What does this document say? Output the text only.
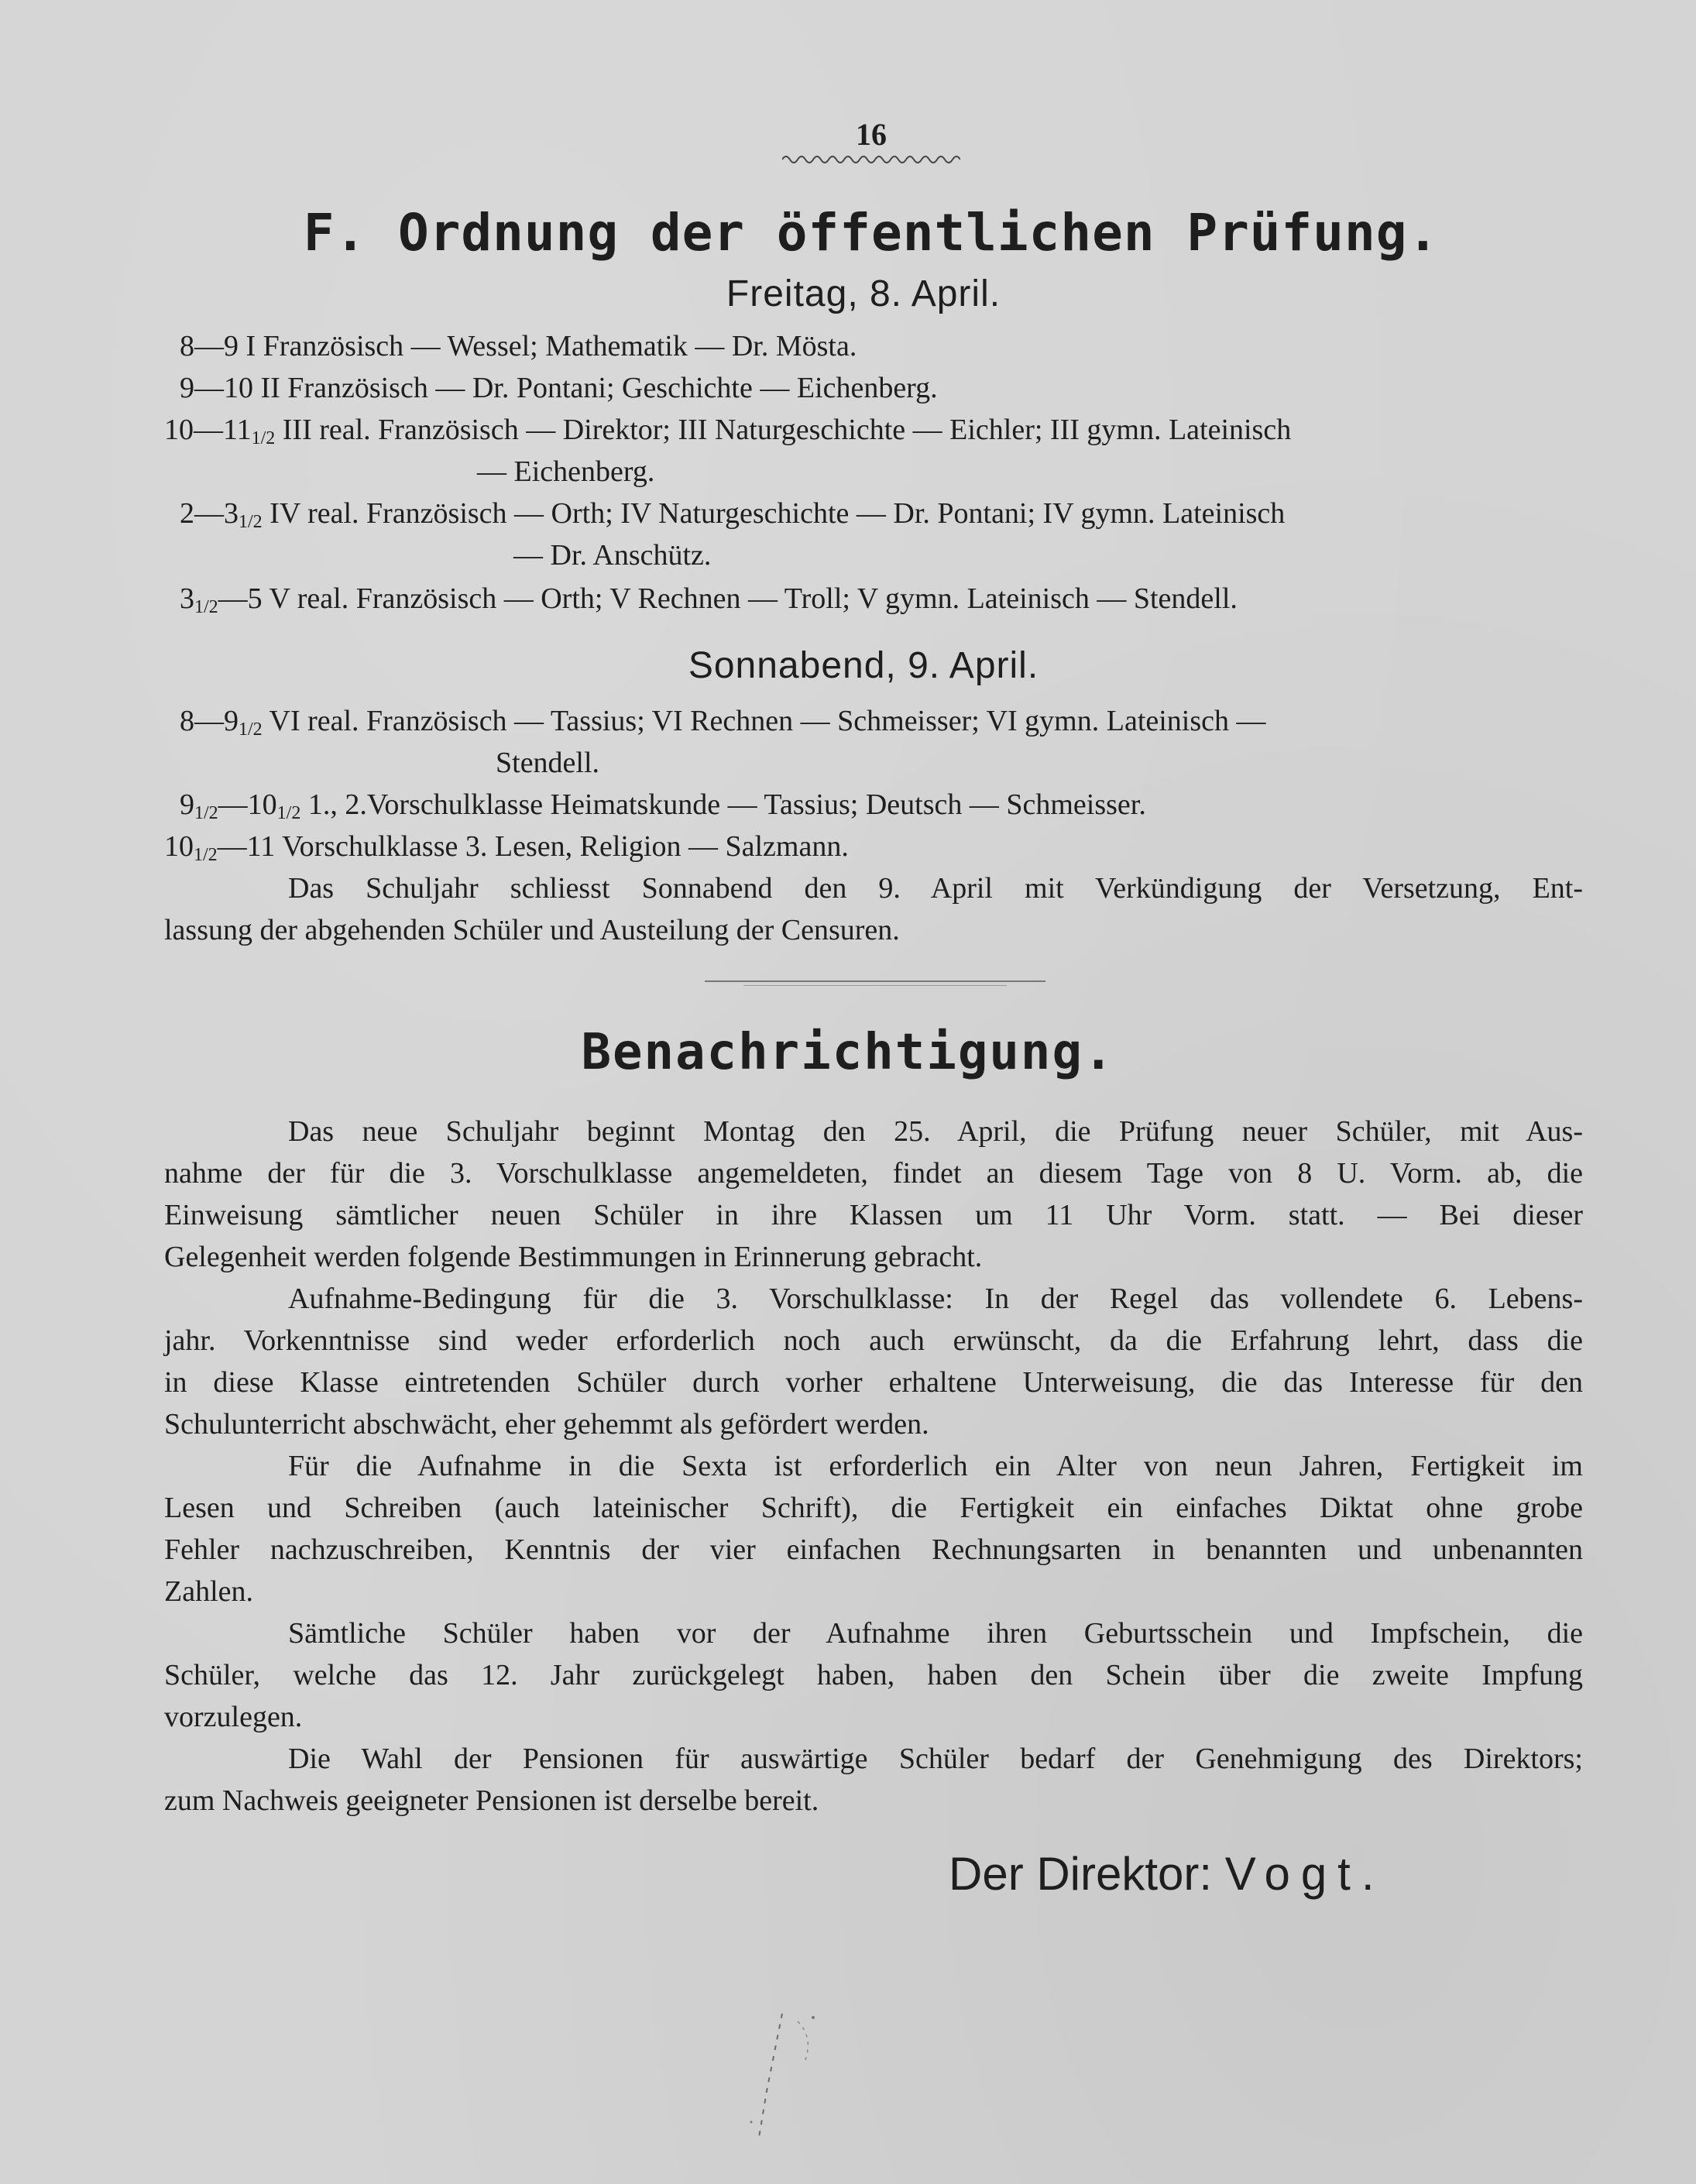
16
F. Ordnung der öffentlichen Prüfung.
Freitag, 8. April.
8—9 I Französisch — Wessel; Mathematik — Dr. Mösta.
9—10 II Französisch — Dr. Pontani; Geschichte — Eichenberg.
$10—11_{1/2}$ III real. Französisch — Direktor; III Naturgeschichte — Eichler; III gymn. Lateinisch
— Eichenberg.
$2—3_{1/2}$ IV real. Französisch — Orth; IV Naturgeschichte — Dr. Pontani; IV gymn. Lateinisch
— Dr. Anschütz.
$3_{1/2}—5$ V real. Französisch — Orth; V Rechnen — Troll; V gymn. Lateinisch — Stendell.
Sonnabend, 9. April.
$8—9_{1/2}$ VI real. Französisch — Tassius; VI Rechnen — Schmeisser; VI gymn. Lateinisch —
Stendell.
$9_{1/2}—10_{1/2}$ 1., 2.Vorschulklasse Heimatskunde — Tassius; Deutsch — Schmeisser.
$10_{1/2}—11$ Vorschulklasse 3. Lesen, Religion — Salzmann.
Das Schuljahr schliesst Sonnabend den 9. April mit Verkündigung der Versetzung, Ent-
lassung der abgehenden Schüler und Austeilung der Censuren.
Benachrichtigung.
Das neue Schuljahr beginnt Montag den 25. April, die Prüfung neuer Schüler, mit Aus-
nahme der für die 3. Vorschulklasse angemeldeten, findet an diesem Tage von 8 U. Vorm. ab, die
Einweisung sämtlicher neuen Schüler in ihre Klassen um 11 Uhr Vorm. statt. — Bei dieser
Gelegenheit werden folgende Bestimmungen in Erinnerung gebracht.
Aufnahme-Bedingung für die 3. Vorschulklasse: In der Regel das vollendete 6. Lebens-
jahr. Vorkenntnisse sind weder erforderlich noch auch erwünscht, da die Erfahrung lehrt, dass die
in diese Klasse eintretenden Schüler durch vorher erhaltene Unterweisung, die das Interesse für den
Schulunterricht abschwächt, eher gehemmt als gefördert werden.
Für die Aufnahme in die Sexta ist erforderlich ein Alter von neun Jahren, Fertigkeit im
Lesen und Schreiben (auch lateinischer Schrift), die Fertigkeit ein einfaches Diktat ohne grobe
Fehler nachzuschreiben, Kenntnis der vier einfachen Rechnungsarten in benannten und unbenannten
Zahlen.
Sämtliche Schüler haben vor der Aufnahme ihren Geburtsschein und Impfschein, die
Schüler, welche das 12. Jahr zurückgelegt haben, haben den Schein über die zweite Impfung
vorzulegen.
Die Wahl der Pensionen für auswärtige Schüler bedarf der Genehmigung des Direktors;
zum Nachweis geeigneter Pensionen ist derselbe bereit.
Der Direktor: Vogt.
